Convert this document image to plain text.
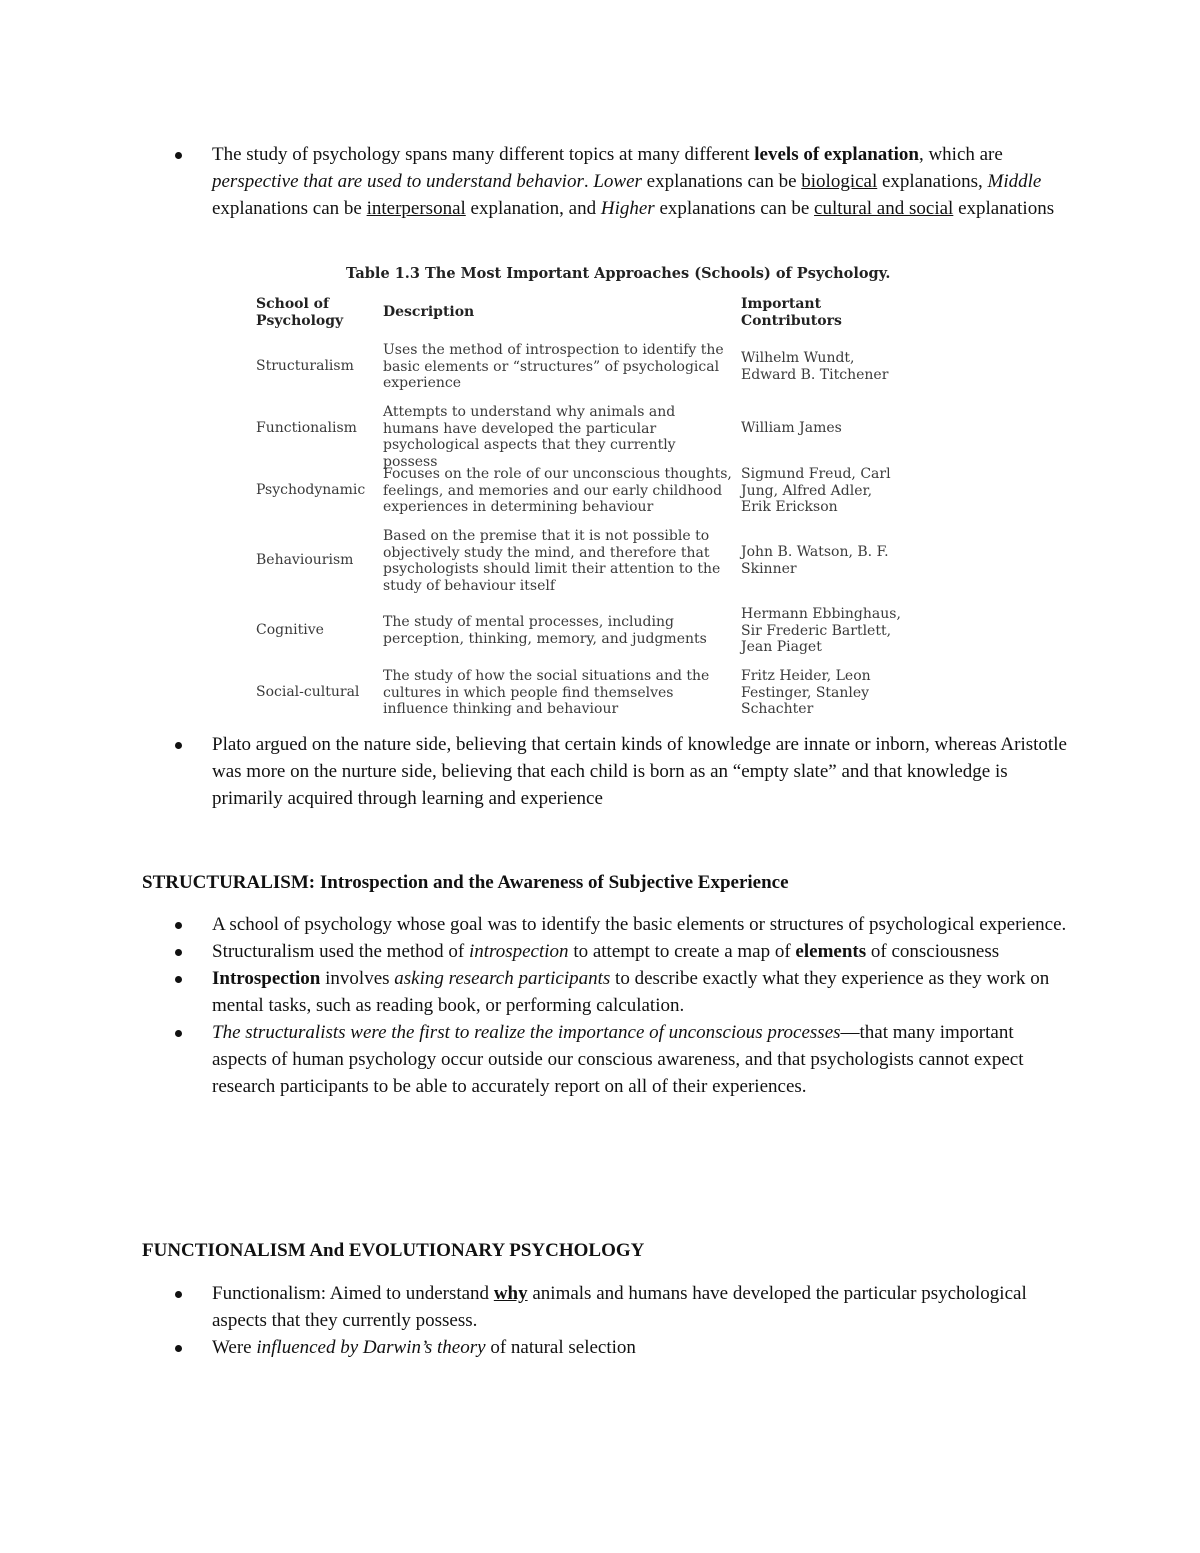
The study of psychology spans many different topics at many different levels of explanation, which are perspective that are used to understand behavior. Lower explanations can be biological explanations, Middle explanations can be interpersonal explanation, and Higher explanations can be cultural and social explanations
Table 1.3 The Most Important Approaches (Schools) of Psychology.
School of Psychology
Description	Important Contributors
Structuralism
Uses the method of introspection to identify the basic elements or “structures” of psychological experience
Wilhelm Wundt, Edward B. Titchener
Functionalism
Attempts to understand why animals and humans have developed the particular psychological aspects that they currently possess
William James
Psychodynamic
Focuses on the role of our unconscious thoughts, feelings, and memories and our early childhood experiences in determining behaviour
Sigmund Freud, Carl Jung, Alfred Adler, Erik Erickson
Behaviourism
Based on the premise that it is not possible to objectively study the mind, and therefore that psychologists should limit their attention to the study of behaviour itself
John B. Watson, B. F. Skinner
Cognitive	The study of mental processes, including perception, thinking, memory, and judgments
Hermann Ebbinghaus, Sir Frederic Bartlett, Jean Piaget
Social-cultural
The study of how the social situations and the cultures in which people find themselves influence thinking and behaviour
Fritz Heider, Leon Festinger, Stanley Schachter
Plato argued on the nature side, believing that certain kinds of knowledge are innate or inborn, whereas Aristotle was more on the nurture side, believing that each child is born as an “empty slate” and that knowledge is primarily acquired through learning and experience
STRUCTURALISM: Introspection and the Awareness of Subjective Experience
A school of psychology whose goal was to identify the basic elements or structures of psychological experience.
Structuralism used the method of introspection to attempt to create a map of elements of consciousness
Introspection involves asking research participants to describe exactly what they experience as they work on mental tasks, such as reading book, or performing calculation.
The structuralists were the first to realize the importance of unconscious processes—that many important aspects of human psychology occur outside our conscious awareness, and that psychologists cannot expect research participants to be able to accurately report on all of their experiences.
FUNCTIONALISM And EVOLUTIONARY PSYCHOLOGY
Functionalism: Aimed to understand why animals and humans have developed the particular psychological aspects that they currently possess.
Were influenced by Darwin’s theory of natural selection
